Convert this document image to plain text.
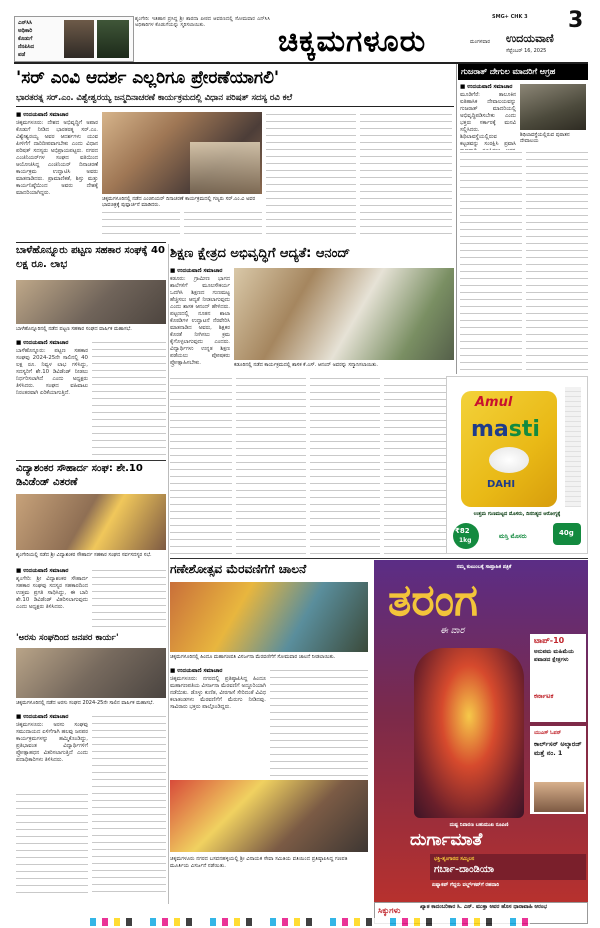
ಎನ್‌ಸಿಸಿ
ಅಧಿಕಾರಿ
ಕೊಡುಗೆ
ನೆನಪಿಸಿದ
ಪಡೆ
ಶೃಂಗೇರಿ: ಇತಿಹಾಸ ಪ್ರಸಿದ್ಧ ಶ್ರೀ ಶಾರದಾ ಪೀಠದ ಆವರಣದಲ್ಲಿ ಸೋಮವಾರ ಎನ್‌ಸಿಸಿ ಅಧಿಕಾರಿಗಳ ಕೊಡುಗೆಯನ್ನು ಸ್ಮರಿಸಲಾಯಿತು.	ಚಿಕ್ಕಮಗಳೂರು
SMG+ CHK 3 3
ಮಂಗಳವಾರ ಉದಯವಾಣಿ
ಸೆಪ್ಟೆಂಬರ್ 16, 2025
'ಸರ್ ಎಂವಿ ಆದರ್ಶ ಎಲ್ಲರಿಗೂ ಪ್ರೇರಣೆಯಾಗಲಿ'
ಭಾರತರತ್ನ ಸರ್.ಎಂ. ವಿಶ್ವೇಶ್ವರಯ್ಯ ಜನ್ಮದಿನಾಚರಣೆ ಕಾರ್ಯಕ್ರಮದಲ್ಲಿ ವಿಧಾನ ಪರಿಷತ್ ಸದಸ್ಯ ರವಿ ಕಲೆ
■ ಉದಯವಾಣಿ ಸಮಾಚಾರ
ಚಿಕ್ಕಮಗಳೂರು: ದೇಶದ ಅಭಿವೃದ್ಧಿಗೆ ಅಪಾರ ಕೊಡುಗೆ ನೀಡಿದ ಭಾರತರತ್ನ ಸರ್.ಎಂ. ವಿಶ್ವೇಶ್ವರಯ್ಯ ಅವರ ಆದರ್ಶಗಳು ಯುವ ಪೀಳಿಗೆಗೆ ದಾರಿದೀಪವಾಗಬೇಕು ಎಂದು ವಿಧಾನ ಪರಿಷತ್ ಸದಸ್ಯರು ಅಭಿಪ್ರಾಯಪಟ್ಟರು. ನಗರದ ಎಂಜಿನಿಯರ್‌ಗಳ ಸಂಘದ ವತಿಯಿಂದ ಆಯೋಜಿಸಿದ್ದ ಎಂಜಿನಿಯರ್ ದಿನಾಚರಣೆ ಕಾರ್ಯಕ್ರಮ ಉದ್ಘಾಟಿಸಿ ಅವರು ಮಾತನಾಡಿದರು. ಪ್ರಾಮಾಣಿಕತೆ, ಶಿಸ್ತು ಮತ್ತು ಕಾರ್ಯನಿಷ್ಠೆಯಿಂದ ಅವರು ದೇಶಕ್ಕೆ ಮಾದರಿಯಾಗಿದ್ದರು.
ಚಿಕ್ಕಮಗಳೂರಿನಲ್ಲಿ ನಡೆದ ಎಂಜಿನಿಯರ್ ದಿನಾಚರಣೆ ಕಾರ್ಯಕ್ರಮದಲ್ಲಿ ಗಣ್ಯರು ಸರ್.ಎಂ.ವಿ ಅವರ ಭಾವಚಿತ್ರಕ್ಕೆ ಪುಷ್ಪಾರ್ಚನೆ ಮಾಡಿದರು.
ಗುಜರಾತ್ ದೇಗುಲ ಮಾದರಿಗೆ ಆಗ್ರಹ
■ ಉದಯವಾಣಿ ಸಮಾಚಾರ
ಮೂಡಿಗೆರೆ: ತಾಲೂಕಿನ ಐತಿಹಾಸಿಕ ದೇವಾಲಯವನ್ನು ಗುಜರಾತ್ ಮಾದರಿಯಲ್ಲಿ ಅಭಿವೃದ್ಧಿಪಡಿಸಬೇಕು ಎಂದು ಭಕ್ತರು ಸರ್ಕಾರಕ್ಕೆ ಮನವಿ ಸಲ್ಲಿಸಿದರು. ಶಿಥಿಲಾವಸ್ಥೆಯಲ್ಲಿರುವ ಕಟ್ಟಡವನ್ನು ಸಂರಕ್ಷಿಸಿ ಪ್ರವಾಸಿ
ಶಿಥಿಲಾವಸ್ಥೆಯಲ್ಲಿರುವ ಪುರಾತನ ದೇವಾಲಯ
ಬಾಳೆಹೊನ್ನೂರು ಪಟ್ಟಣ ಸಹಕಾರ ಸಂಘಕ್ಕೆ 40 ಲಕ್ಷ ರೂ. ಲಾಭ
ಬಾಳೆಹೊನ್ನೂರಿನಲ್ಲಿ ನಡೆದ ಪಟ್ಟಣ ಸಹಕಾರ ಸಂಘದ ವಾರ್ಷಿಕ ಮಹಾಸಭೆ.
■ ಉದಯವಾಣಿ ಸಮಾಚಾರ
ಬಾಳೆಹೊನ್ನೂರು: ಪಟ್ಟಣ ಸಹಕಾರ ಸಂಘವು 2024-25ನೇ ಸಾಲಿನಲ್ಲಿ 40 ಲಕ್ಷ ರೂ. ನಿವ್ವಳ ಲಾಭ ಗಳಿಸಿದ್ದು, ಸದಸ್ಯರಿಗೆ ಶೇ.10 ಡಿವಿಡೆಂಡ್ ನೀಡಲು ನಿರ್ಧರಿಸಲಾಗಿದೆ ಎಂದು ಅಧ್ಯಕ್ಷರು ತಿಳಿಸಿದರು. ಸಂಘದ ವಹಿವಾಟು ನಿರಂತರವಾಗಿ ಏರಿಕೆಯಾಗುತ್ತಿದೆ.
ಶಿಕ್ಷಣ ಕ್ಷೇತ್ರದ ಅಭಿವೃದ್ಧಿಗೆ ಆದ್ಯತೆ: ಆನಂದ್
■ ಉದಯವಾಣಿ ಸಮಾಚಾರ
ಕಡೂರು: ಗ್ರಾಮೀಣ ಭಾಗದ ಶಾಲೆಗಳಿಗೆ ಮೂಲಸೌಕರ್ಯ ಒದಗಿಸಿ ಶಿಕ್ಷಣದ ಗುಣಮಟ್ಟ ಹೆಚ್ಚಿಸಲು ಆದ್ಯತೆ ನೀಡಲಾಗುವುದು ಎಂದು ಶಾಸಕ ಆನಂದ್ ಹೇಳಿದರು. ಪಟ್ಟಣದಲ್ಲಿ ನೂತನ ಶಾಲಾ ಕೊಠಡಿಗಳ ಉದ್ಘಾಟನೆ ನೆರವೇರಿಸಿ ಮಾತನಾಡಿದ ಅವರು, ಶಿಕ್ಷಕರ ಕೊರತೆ ನೀಗಿಸಲು ಕ್ರಮ ಕೈಗೊಳ್ಳಲಾಗುವುದು ಎಂದರು. ವಿದ್ಯಾರ್ಥಿಗಳು ಉನ್ನತ ಶಿಕ್ಷಣ ಪಡೆಯಲು ಪೋಷಕರು ಪ್ರೋತ್ಸಾಹಿಸಬೇಕು.	ಕಡೂರಿನಲ್ಲಿ ನಡೆದ ಕಾರ್ಯಕ್ರಮದಲ್ಲಿ ಶಾಸಕ ಕೆ.ಎಸ್. ಆನಂದ್ ಅವರನ್ನು ಸನ್ಮಾನಿಸಲಾಯಿತು.
Amul
masti
DAHI
ಉತ್ತಮ ಗುಣಮಟ್ಟದ ಮೊಸರು, ದಿನನಿತ್ಯದ ಆರೋಗ್ಯಕ್ಕೆ
₹82
1kg
ಮಸ್ತಿ ಮೊಸರು	40g
ವಿದ್ಯಾಶಂಕರ ಸೌಹಾರ್ದ ಸಂಘ: ಶೇ.10 ಡಿವಿಡೆಂಡ್ ವಿತರಣೆ
ಶೃಂಗೇರಿಯಲ್ಲಿ ನಡೆದ ಶ್ರೀ ವಿದ್ಯಾಶಂಕರ ಸೌಹಾರ್ದ ಸಹಕಾರ ಸಂಘದ ಸರ್ವಸದಸ್ಯರ ಸಭೆ.
■ ಉದಯವಾಣಿ ಸಮಾಚಾರ
ಶೃಂಗೇರಿ: ಶ್ರೀ ವಿದ್ಯಾಶಂಕರ ಸೌಹಾರ್ದ ಸಹಕಾರ ಸಂಘವು ಸದಸ್ಯರ ಸಹಕಾರದಿಂದ ಉತ್ತಮ ಪ್ರಗತಿ ಸಾಧಿಸಿದ್ದು, ಈ ಬಾರಿ ಶೇ.10 ಡಿವಿಡೆಂಡ್ ವಿತರಿಸಲಾಗುವುದು ಎಂದು ಅಧ್ಯಕ್ಷರು ತಿಳಿಸಿದರು.
'ಅರಸು ಸಂಘದಿಂದ ಜನಪರ ಕಾರ್ಯ'
ಚಿಕ್ಕಮಗಳೂರಿನಲ್ಲಿ ನಡೆದ ಅರಸು ಸಂಘದ 2024-25ನೇ ಸಾಲಿನ ವಾರ್ಷಿಕ ಮಹಾಸಭೆ.
■ ಉದಯವಾಣಿ ಸಮಾಚಾರ
ಚಿಕ್ಕಮಗಳೂರು: ಅರಸು ಸಂಘವು ಸಮುದಾಯದ ಏಳಿಗೆಗಾಗಿ ಹಲವು ಜನಪರ ಕಾರ್ಯಕ್ರಮಗಳನ್ನು ಹಮ್ಮಿಕೊಂಡಿದ್ದು, ಪ್ರತಿಭಾವಂತ ವಿದ್ಯಾರ್ಥಿಗಳಿಗೆ ಪ್ರೋತ್ಸಾಹಧನ ವಿತರಿಸಲಾಗುತ್ತಿದೆ ಎಂದು ಪದಾಧಿಕಾರಿಗಳು ತಿಳಿಸಿದರು.
ಗಣೇಶೋತ್ಸವ ಮೆರವಣಿಗೆಗೆ ಚಾಲನೆ
ಚಿಕ್ಕಮಗಳೂರಿನಲ್ಲಿ ಹಿಂದೂ ಮಹಾಗಣಪತಿ ವಿಸರ್ಜನಾ ಮೆರವಣಿಗೆಗೆ ಸೋಮವಾರ ಚಾಲನೆ ನೀಡಲಾಯಿತು.
■ ಉದಯವಾಣಿ ಸಮಾಚಾರ
ಚಿಕ್ಕಮಗಳೂರು: ನಗರದಲ್ಲಿ ಪ್ರತಿಷ್ಠಾಪಿಸಿದ್ದ ಹಿಂದೂ ಮಹಾಗಣಪತಿಯ ವಿಸರ್ಜನಾ ಮೆರವಣಿಗೆ ಅದ್ದೂರಿಯಾಗಿ ನಡೆಯಿತು. ಡೊಳ್ಳು ಕುಣಿತ, ವೀರಗಾಸೆ ಸೇರಿದಂತೆ ವಿವಿಧ ಕಲಾತಂಡಗಳು ಮೆರವಣಿಗೆಗೆ ಮೆರುಗು ನೀಡಿದವು. ಸಾವಿರಾರು ಭಕ್ತರು ಪಾಲ್ಗೊಂಡಿದ್ದರು.
ಚಿಕ್ಕಮಗಳೂರು ನಗರದ ಬಸವನಹಳ್ಳಿಯಲ್ಲಿ ಶ್ರೀ ವಿನಾಯಕ ಸೇವಾ ಸಮಿತಿಯ ವತಿಯಿಂದ ಪ್ರತಿಷ್ಠಾಪಿಸಿದ್ದ ಗಣಪತಿ ಮೂರ್ತಿಯ ವಿಸರ್ಜನೆ ನಡೆಯಿತು.
ನಮ್ಮ ಕುಟುಂಬಕ್ಕೆ ಸಾಪ್ತಾಹಿಕ ಪತ್ರಿಕೆ
ತರಂಗ
ಈ ವಾರ
ಟಾಪ್-10
ಅನುಪಮ ಮಹಿಮೆಯ ಪವಾಡದ ಕ್ಷೇತ್ರಗಳು
ಕರ್ನಾಟಕ
ಯುಎಸ್ ಓಪನ್
ಕಾರ್ಲ್‌ಸನ್ ಅಲ್ಕಾರಜ್ ಮತ್ತೆ ನಂ. 1
ದುಷ್ಟ ನಿವಾರಣ ಬಹುಮುಖ ರೂಪಿಣಿ
ದುರ್ಗಾಮಾತೆ
ಭಕ್ತಿ-ಶೃಂಗಾರದ ಸಮ್ಮಿಲನ
ಗರ್ಬಾ-ದಾಂಡಿಯಾ
ಏಷ್ಯಾಕಪ್ ಗೆದ್ದರು ವರ್ಲ್ಡ್‌ಕಪ್‌ಗೆ ರಹದಾರಿ
ಸಿಕ್ಕುಗಳು	ಖ್ಯಾತ ಕಾದಂಬರಿಕಾರ ಸಿ. ಎನ್. ಮುಕ್ತಾ ಅವರ ಹೊಸ ಧಾರಾವಾಹಿ ಆರಂಭ
